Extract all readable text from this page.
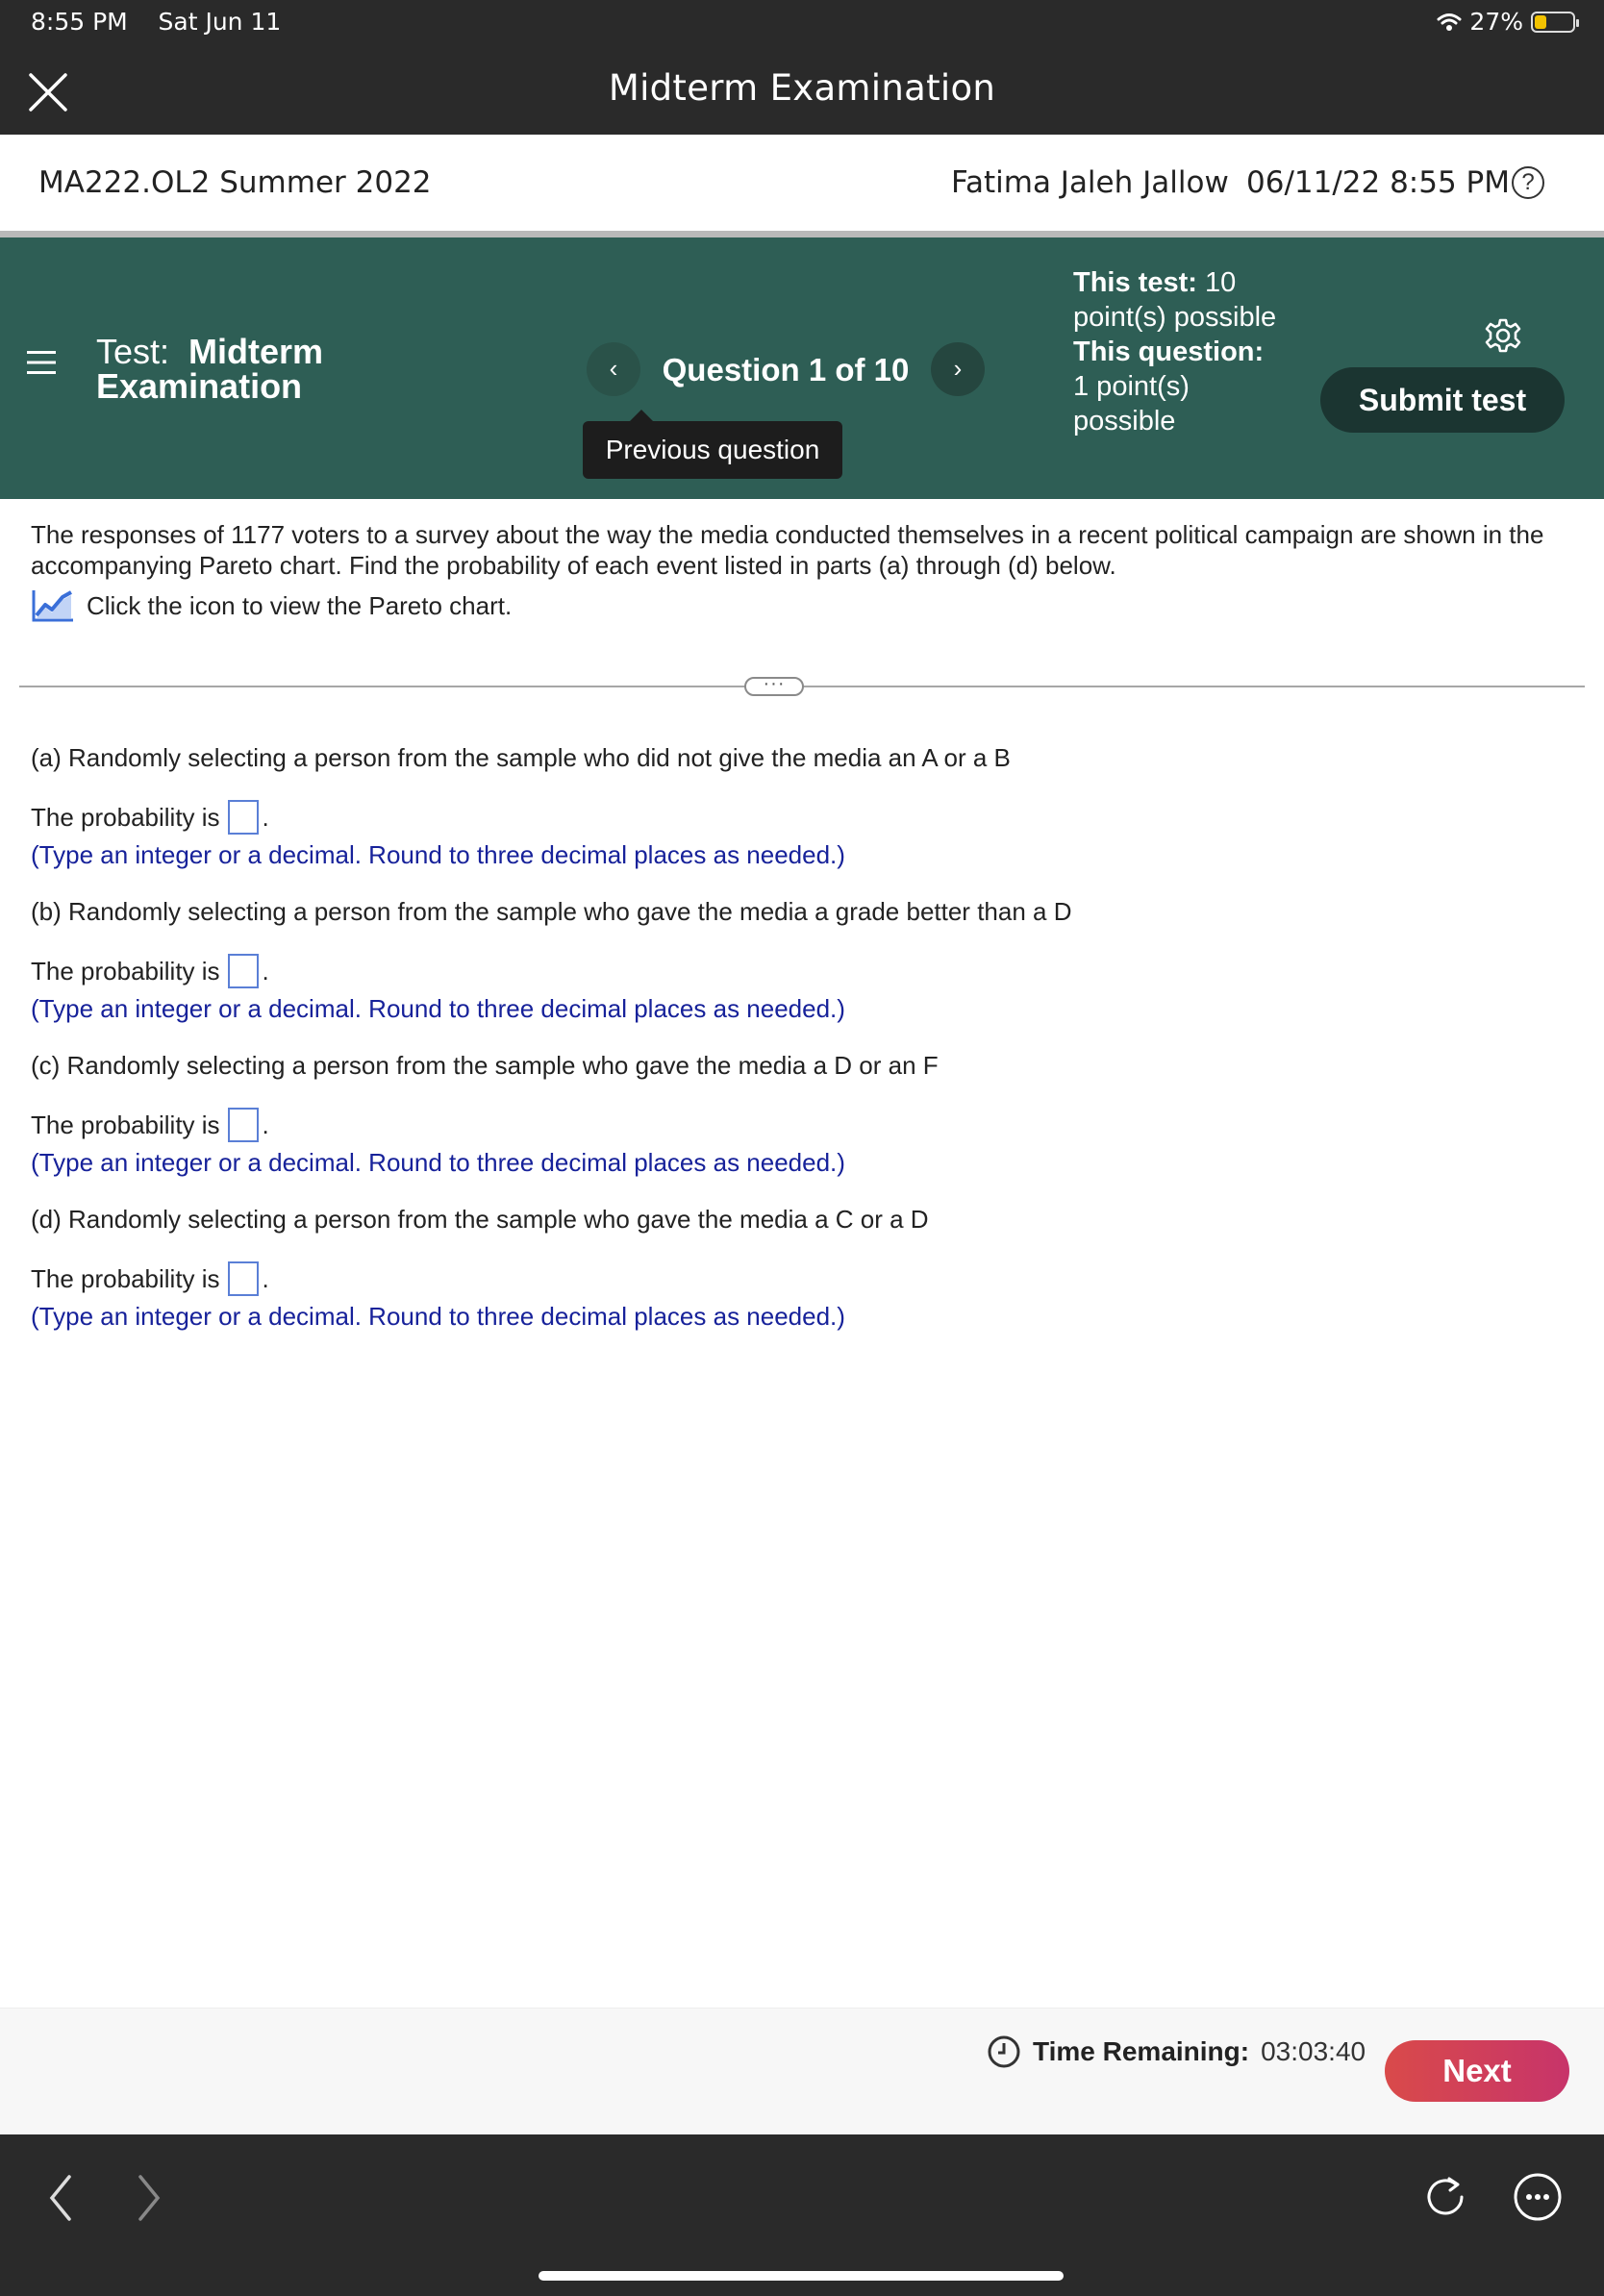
8:55 PM Sat Jun 11	27%
Midterm Examination
MA222.OL2 Summer 2022	Fatima Jaleh Jallow 06/11/22 8:55 PM ?
Test: Midterm Examination	‹	Question 1 of 10	›
Previous question
This test: 10 point(s) possible
This question:
1 point(s) possible
Submit test
The responses of 1177 voters to a survey about the way the media conducted themselves in a recent political campaign are shown in the accompanying Pareto chart. Find the probability of each event listed in parts (a) through (d) below.
Click the icon to view the Pareto chart.
···
(a) Randomly selecting a person from the sample who did not give the media an A or a B
The probability is .
(Type an integer or a decimal. Round to three decimal places as needed.)
(b) Randomly selecting a person from the sample who gave the media a grade better than a D
The probability is .
(Type an integer or a decimal. Round to three decimal places as needed.)
(c) Randomly selecting a person from the sample who gave the media a D or an F
The probability is .
(Type an integer or a decimal. Round to three decimal places as needed.)
(d) Randomly selecting a person from the sample who gave the media a C or a D
The probability is .
(Type an integer or a decimal. Round to three decimal places as needed.)
Time Remaining: 03:03:40
Next
